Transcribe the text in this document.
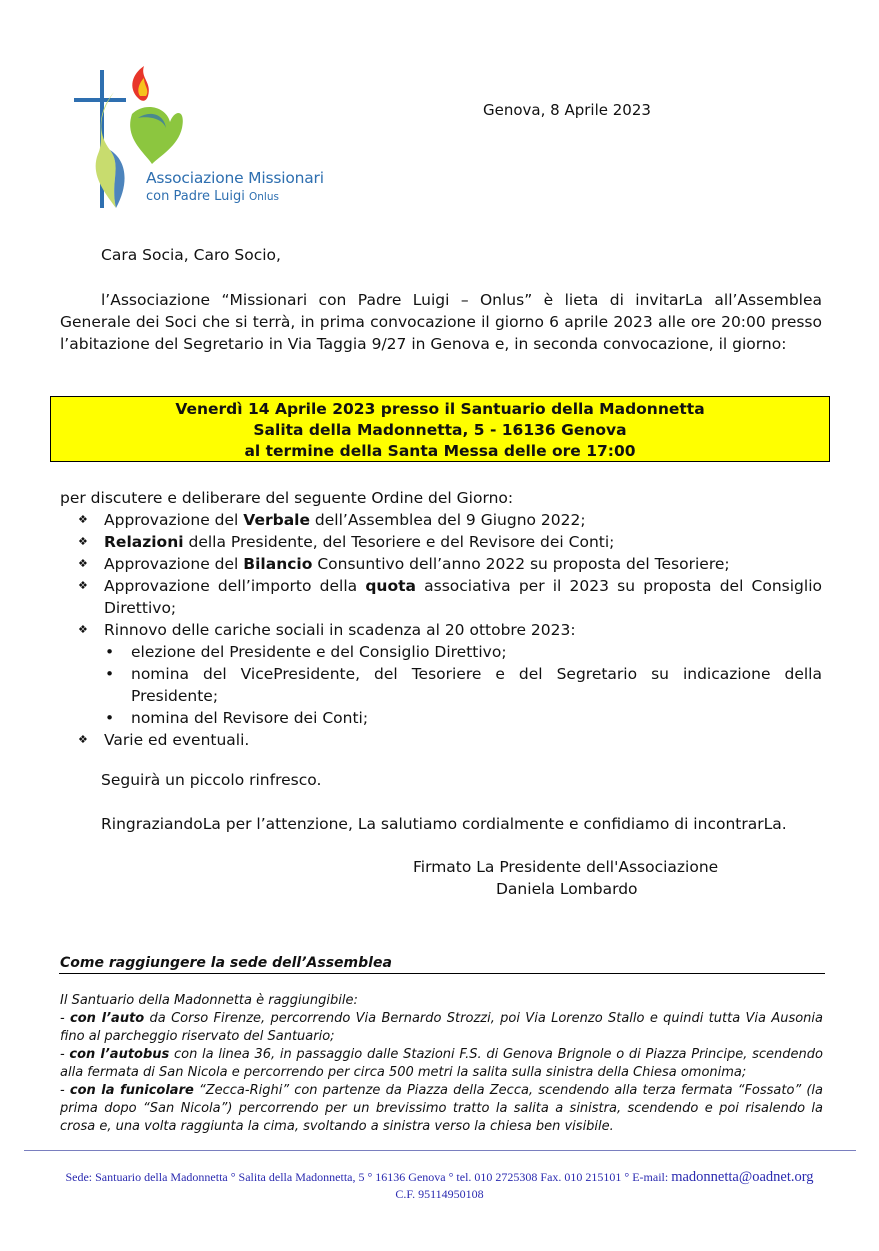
Associazione Missionari
con Padre Luigi Onlus
Genova, 8 Aprile 2023
Cara Socia, Caro Socio,
l’Associazione “Missionari con Padre Luigi – Onlus” è lieta di invitarLa all’Assemblea Generale dei Soci che si terrà, in prima convocazione il giorno 6 aprile 2023 alle ore 20:00 presso l’abitazione del Segretario in Via Taggia 9/27 in Genova e, in seconda convocazione, il giorno:
Venerdì 14 Aprile 2023 presso il Santuario della Madonnetta
Salita della Madonnetta, 5 - 16136 Genova
al termine della Santa Messa delle ore 17:00
per discutere e deliberare del seguente Ordine del Giorno:
❖ Approvazione del Verbale dell’Assemblea del 9 Giugno 2022;
❖ Relazioni della Presidente, del Tesoriere e del Revisore dei Conti;
❖ Approvazione del Bilancio Consuntivo dell’anno 2022 su proposta del Tesoriere;
❖ Approvazione dell’importo della quota associativa per il 2023 su proposta del Consiglio Direttivo;
❖ Rinnovo delle cariche sociali in scadenza al 20 ottobre 2023:
• elezione del Presidente e del Consiglio Direttivo;
• nomina del VicePresidente, del Tesoriere e del Segretario su indicazione della Presidente;
• nomina del Revisore dei Conti;
❖ Varie ed eventuali.
Seguirà un piccolo rinfresco.
RingraziandoLa per l’attenzione, La salutiamo cordialmente e confidiamo di incontrarLa.
Firmato La Presidente dell'Associazione
Daniela Lombardo
Come raggiungere la sede dell’Assemblea
Il Santuario della Madonnetta è raggiungibile:
- con l’auto da Corso Firenze, percorrendo Via Bernardo Strozzi, poi Via Lorenzo Stallo e quindi tutta Via Ausonia fino al parcheggio riservato del Santuario;
- con l’autobus con la linea 36, in passaggio dalle Stazioni F.S. di Genova Brignole o di Piazza Principe, scendendo alla fermata di San Nicola e percorrendo per circa 500 metri la salita sulla sinistra della Chiesa omonima;
- con la funicolare “Zecca-Righi” con partenze da Piazza della Zecca, scendendo alla terza fermata “Fossato” (la prima dopo “San Nicola”) percorrendo per un brevissimo tratto la salita a sinistra, scendendo e poi risalendo la crosa e, una volta raggiunta la cima, svoltando a sinistra verso la chiesa ben visibile.
Sede: Santuario della Madonnetta ° Salita della Madonnetta, 5 ° 16136 Genova ° tel. 010 2725308 Fax. 010 215101 ° E-mail: madonnetta@oadnet.org
C.F. 95114950108
